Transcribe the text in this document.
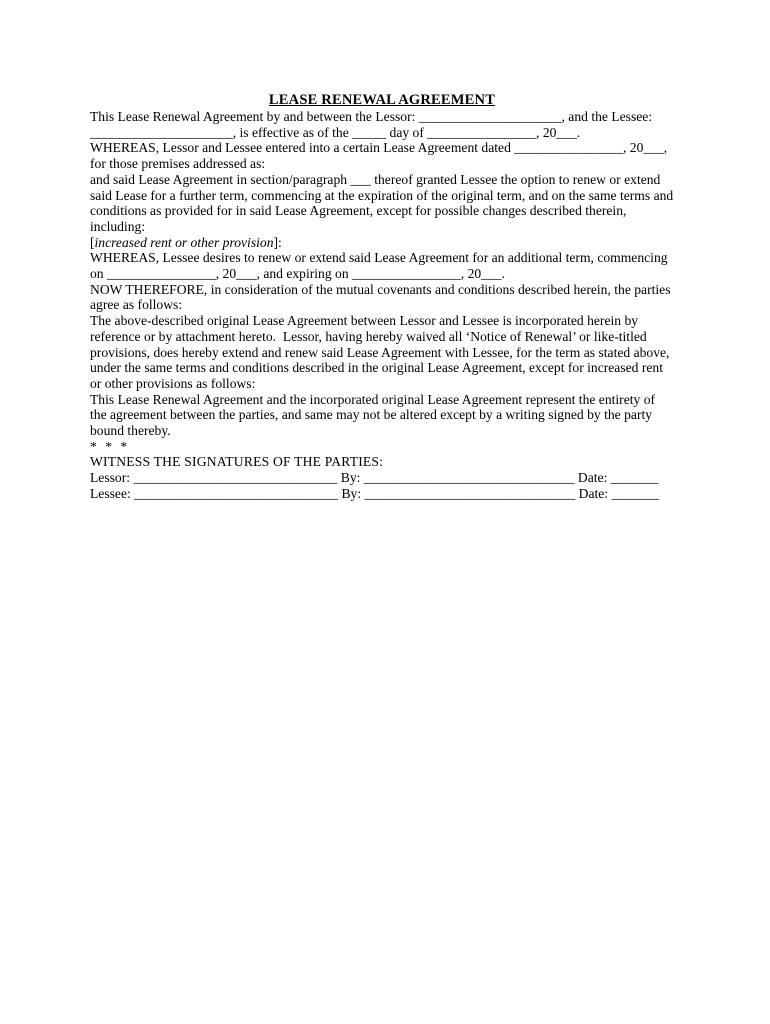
LEASE RENEWAL AGREEMENT

This Lease Renewal Agreement by and between the Lessor: _____________________, and the Lessee: _____________________, is effective as of the _____ day of ________________, 20___.

WHEREAS, Lessor and Lessee entered into a certain Lease Agreement dated ________________, 20___, for those premises addressed as:

and said Lease Agreement in section/paragraph ___ thereof granted Lessee the option to renew or extend said Lease for a further term, commencing at the expiration of the original term, and on the same terms and conditions as provided for in said Lease Agreement, except for possible changes described therein,

including:

[increased rent or other provision]:

WHEREAS, Lessee desires to renew or extend said Lease Agreement for an additional term, commencing on ________________, 20___, and expiring on ________________, 20___.

NOW THEREFORE, in consideration of the mutual covenants and conditions described herein, the parties agree as follows:

The above-described original Lease Agreement between Lessor and Lessee is incorporated herein by reference or by attachment hereto.  Lessor, having hereby waived all ‘Notice of Renewal’ or like-titled provisions, does hereby extend and renew said Lease Agreement with Lessee, for the term as stated above, under the same terms and conditions described in the original Lease Agreement, except for increased rent or other provisions as follows:

This Lease Renewal Agreement and the incorporated original Lease Agreement represent the entirety of the agreement between the parties, and same may not be altered except by a writing signed by the party bound thereby.

* * *

WITNESS THE SIGNATURES OF THE PARTIES:

Lessor: ______________________________ By: _______________________________ Date: _______

Lessee: ______________________________ By: _______________________________ Date: _______
